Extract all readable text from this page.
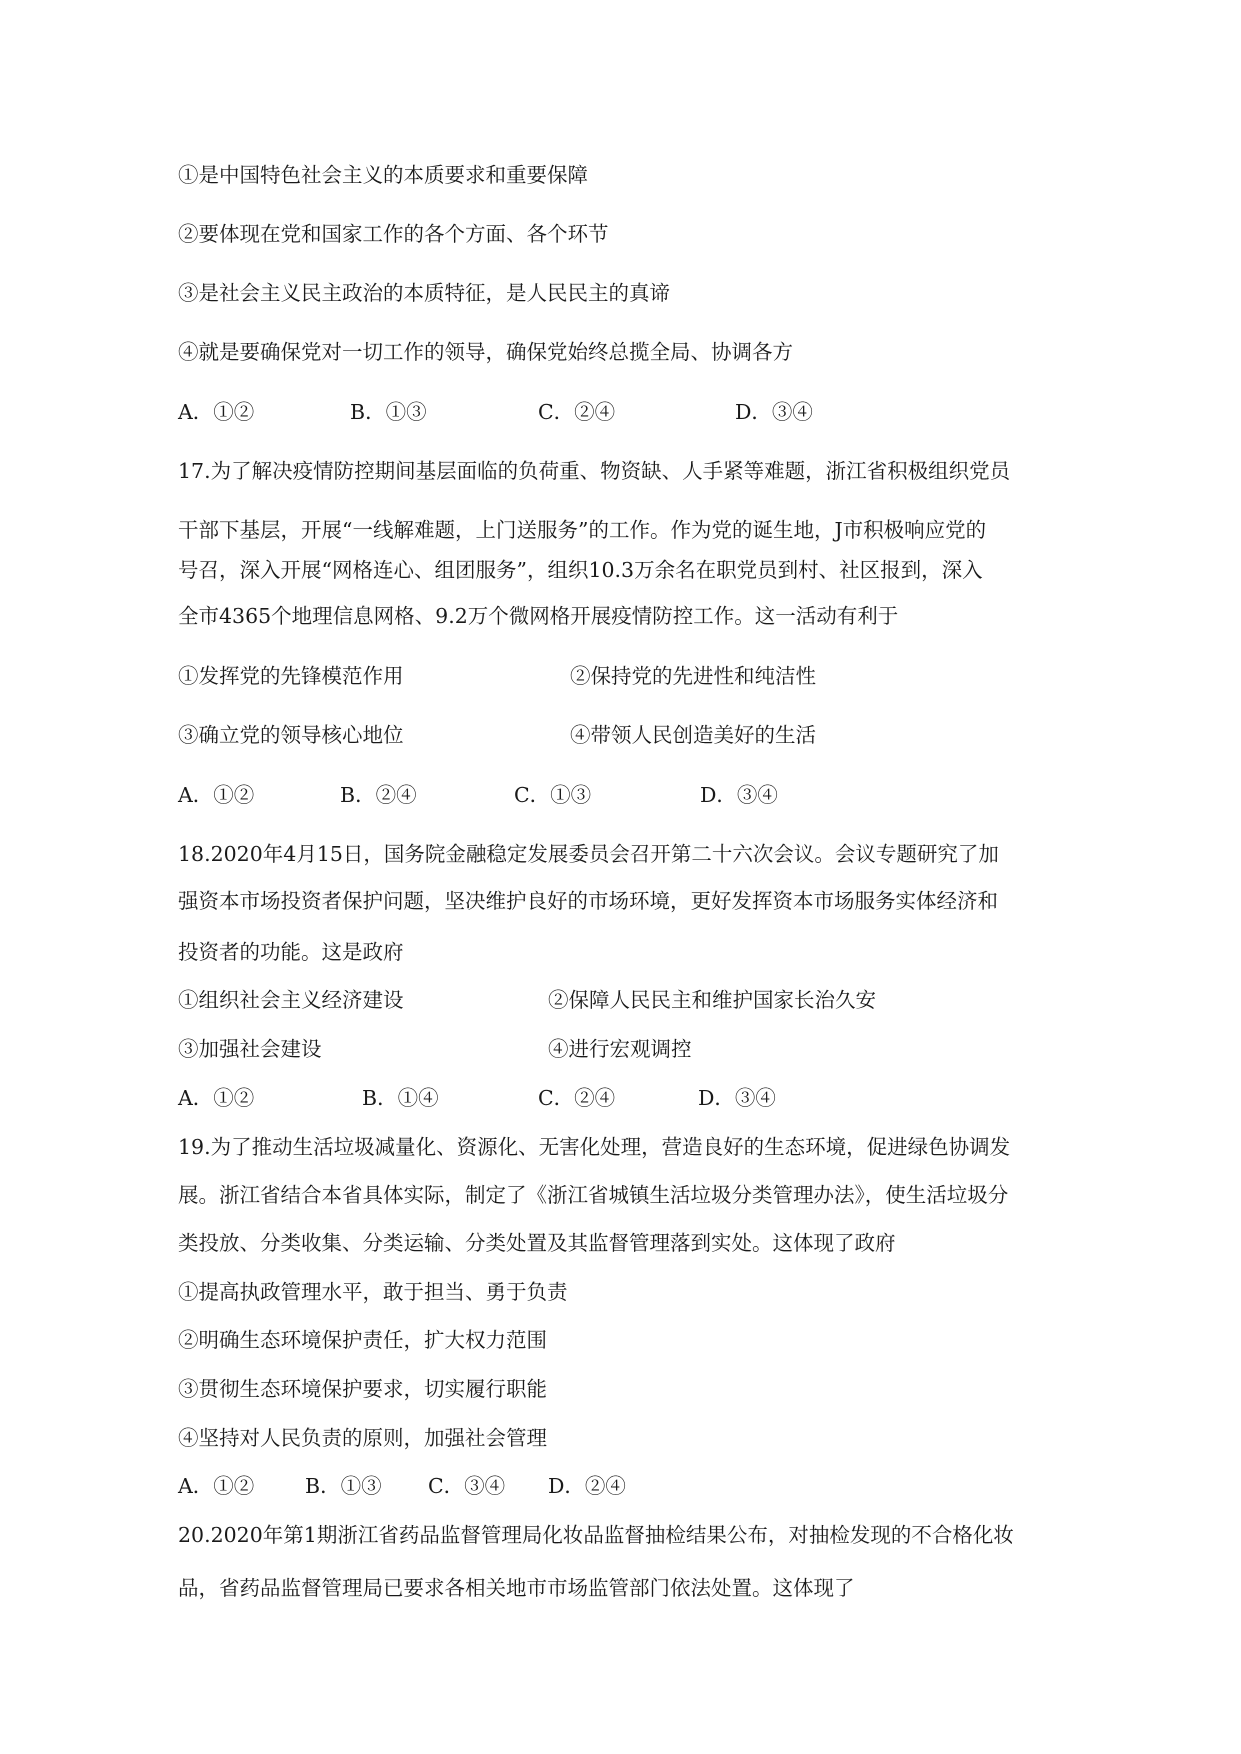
①是中国特色社会主义的本质要求和重要保障
②要体现在党和国家工作的各个方面、各个环节
③是社会主义民主政治的本质特征，是人民民主的真谛
④就是要确保党对一切工作的领导，确保党始终总揽全局、协调各方
A．①②	B．①③	C．②④	D．③④
17.为了解决疫情防控期间基层面临的负荷重、物资缺、人手紧等难题，浙江省积极组织党员
干部下基层，开展“一线解难题，上门送服务”的工作。作为党的诞生地，J市积极响应党的
号召，深入开展“网格连心、组团服务”，组织10.3万余名在职党员到村、社区报到，深入
全市4365个地理信息网格、9.2万个微网格开展疫情防控工作。这一活动有利于
①发挥党的先锋模范作用	②保持党的先进性和纯洁性
③确立党的领导核心地位	④带领人民创造美好的生活
A．①②	B．②④	C．①③	D．③④
18.2020年4月15日，国务院金融稳定发展委员会召开第二十六次会议。会议专题研究了加
强资本市场投资者保护问题，坚决维护良好的市场环境，更好发挥资本市场服务实体经济和
投资者的功能。这是政府
①组织社会主义经济建设	②保障人民民主和维护国家长治久安
③加强社会建设	④进行宏观调控
A．①②	B．①④	C．②④	D．③④
19.为了推动生活垃圾减量化、资源化、无害化处理，营造良好的生态环境，促进绿色协调发
展。浙江省结合本省具体实际，制定了《浙江省城镇生活垃圾分类管理办法》，使生活垃圾分
类投放、分类收集、分类运输、分类处置及其监督管理落到实处。这体现了政府
①提高执政管理水平，敢于担当、勇于负责
②明确生态环境保护责任，扩大权力范围
③贯彻生态环境保护要求，切实履行职能
④坚持对人民负责的原则，加强社会管理
A．①② B．①③ C．③④ D．②④
20.2020年第1期浙江省药品监督管理局化妆品监督抽检结果公布，对抽检发现的不合格化妆
品，省药品监督管理局已要求各相关地市市场监管部门依法处置。这体现了
